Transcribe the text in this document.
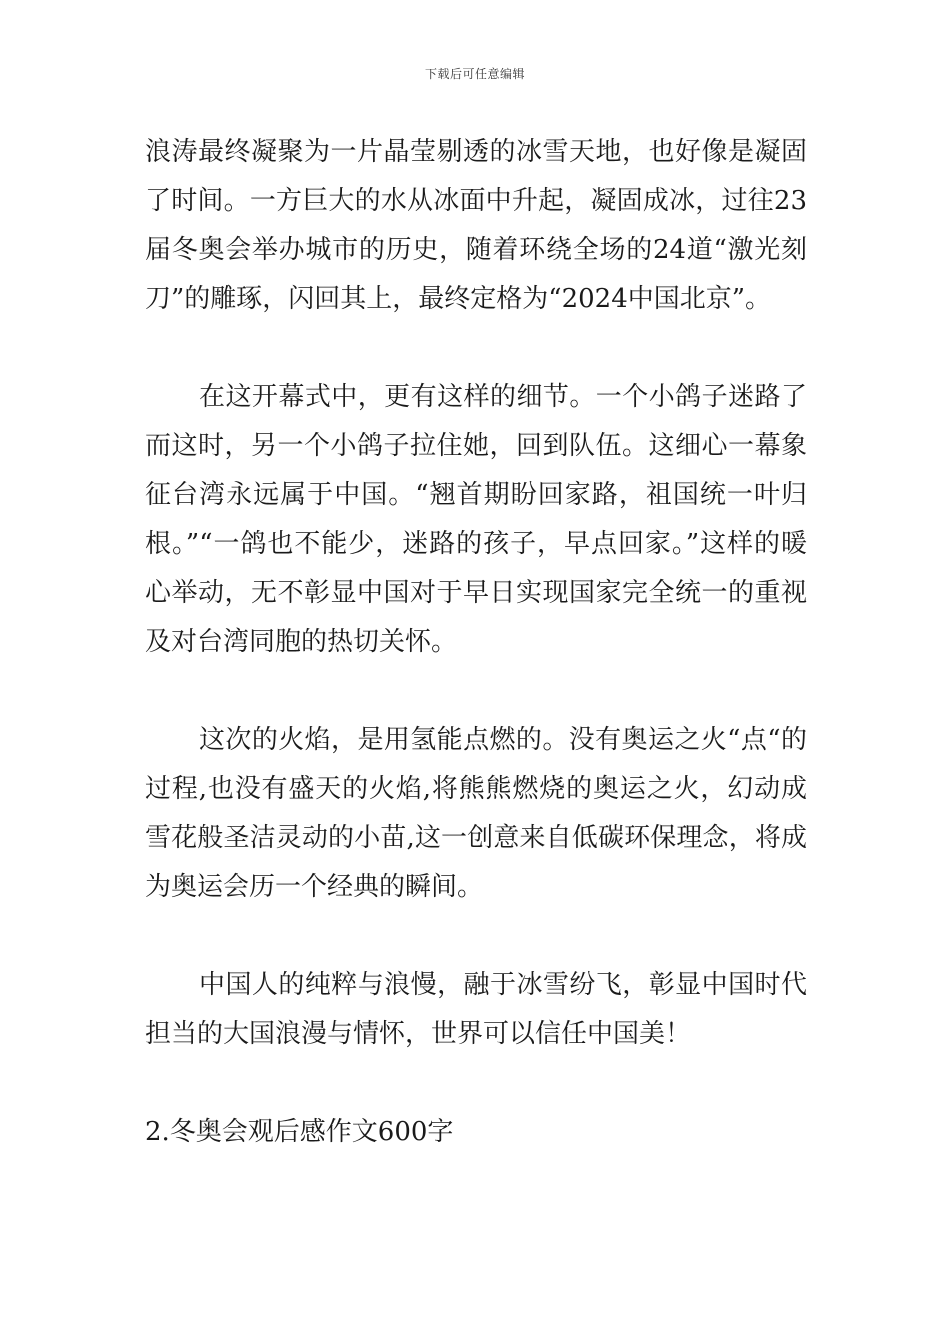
下载后可任意编辑

浪涛最终凝聚为一片晶莹剔透的冰雪天地，也好像是凝固了时间。一方巨大的水从冰面中升起，凝固成冰，过往23届冬奥会举办城市的历史，随着环绕全场的24道“激光刻刀”的雕琢，闪回其上，最终定格为“2024中国北京”。

在这开幕式中，更有这样的细节。一个小鸽子迷路了而这时，另一个小鸽子拉住她，回到队伍。这细心一幕象征台湾永远属于中国。“翘首期盼回家路，祖国统一叶归根。”“一鸽也不能少，迷路的孩子，早点回家。”这样的暖心举动，无不彰显中国对于早日实现国家完全统一的重视及对台湾同胞的热切关怀。

这次的火焰，是用氢能点燃的。没有奥运之火“点“的过程,也没有盛天的火焰,将熊熊燃烧的奥运之火，幻动成雪花般圣洁灵动的小苗,这一创意来自低碳环保理念，将成为奥运会历一个经典的瞬间。

中国人的纯粹与浪慢，融于冰雪纷飞，彰显中国时代担当的大国浪漫与情怀，世界可以信任中国美！

2.冬奥会观后感作文600字
